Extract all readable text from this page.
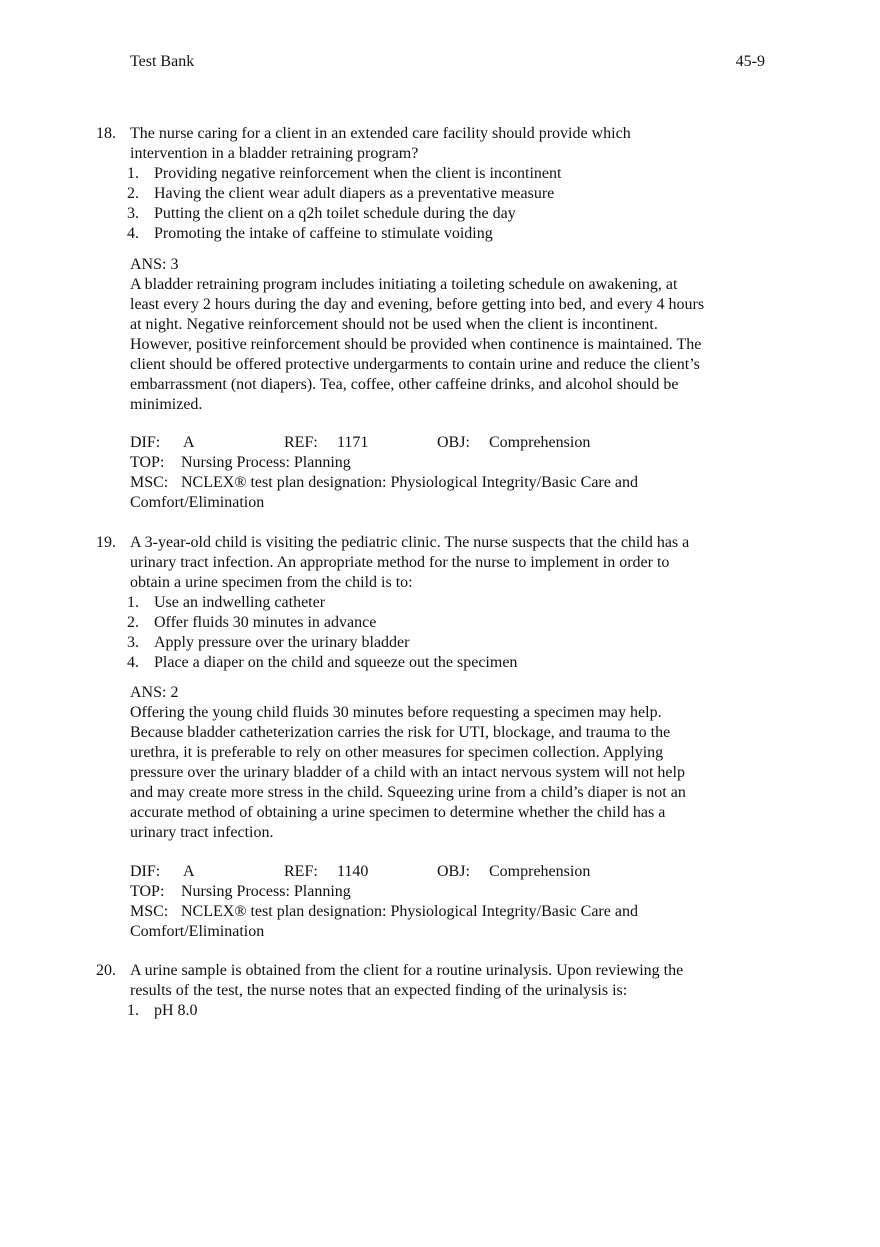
Test Bank	45-9
18. The nurse caring for a client in an extended care facility should provide which
intervention in a bladder retraining program?
1. Providing negative reinforcement when the client is incontinent
2. Having the client wear adult diapers as a preventative measure
3. Putting the client on a q2h toilet schedule during the day
4. Promoting the intake of caffeine to stimulate voiding
ANS: 3
A bladder retraining program includes initiating a toileting schedule on awakening, at
least every 2 hours during the day and evening, before getting into bed, and every 4 hours
at night. Negative reinforcement should not be used when the client is incontinent.
However, positive reinforcement should be provided when continence is maintained. The
client should be offered protective undergarments to contain urine and reduce the client’s
embarrassment (not diapers). Tea, coffee, other caffeine drinks, and alcohol should be
minimized.
DIF: A	REF: 1171	OBJ: Comprehension
TOP: Nursing Process: Planning
MSC: NCLEX® test plan designation: Physiological Integrity/Basic Care and
Comfort/Elimination
19. A 3-year-old child is visiting the pediatric clinic. The nurse suspects that the child has a
urinary tract infection. An appropriate method for the nurse to implement in order to
obtain a urine specimen from the child is to:
1. Use an indwelling catheter
2. Offer fluids 30 minutes in advance
3. Apply pressure over the urinary bladder
4. Place a diaper on the child and squeeze out the specimen
ANS: 2
Offering the young child fluids 30 minutes before requesting a specimen may help.
Because bladder catheterization carries the risk for UTI, blockage, and trauma to the
urethra, it is preferable to rely on other measures for specimen collection. Applying
pressure over the urinary bladder of a child with an intact nervous system will not help
and may create more stress in the child. Squeezing urine from a child’s diaper is not an
accurate method of obtaining a urine specimen to determine whether the child has a
urinary tract infection.
DIF: A	REF: 1140	OBJ: Comprehension
TOP: Nursing Process: Planning
MSC: NCLEX® test plan designation: Physiological Integrity/Basic Care and
Comfort/Elimination
20. A urine sample is obtained from the client for a routine urinalysis. Upon reviewing the
results of the test, the nurse notes that an expected finding of the urinalysis is:
1. pH 8.0
